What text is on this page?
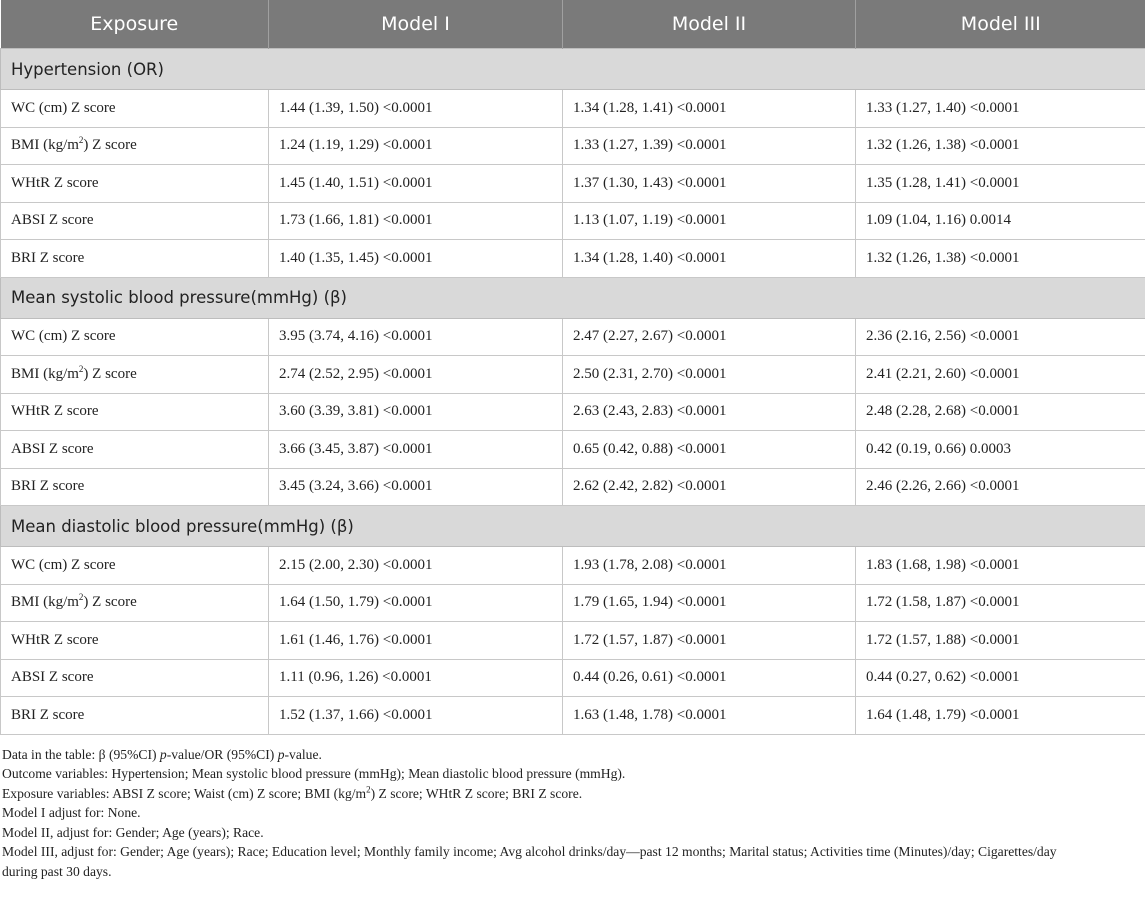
Exposure	Model I	Model II	Model III
Hypertension (OR)			
WC (cm) Z score	1.44 (1.39, 1.50) <0.0001	1.34 (1.28, 1.41) <0.0001	1.33 (1.27, 1.40) <0.0001
BMI $(kg/m^2)$ Z score	1.24 (1.19, 1.29) <0.0001	1.33 (1.27, 1.39) <0.0001	1.32 (1.26, 1.38) <0.0001
WHtR Z score	1.45 (1.40, 1.51) <0.0001	1.37 (1.30, 1.43) <0.0001	1.35 (1.28, 1.41) <0.0001
ABSI Z score	1.73 (1.66, 1.81) <0.0001	1.13 (1.07, 1.19) <0.0001	1.09 (1.04, 1.16) 0.0014
BRI Z score	1.40 (1.35, 1.45) <0.0001	1.34 (1.28, 1.40) <0.0001	1.32 (1.26, 1.38) <0.0001
Mean systolic blood pressure(mmHg) (β)			
WC (cm) Z score	3.95 (3.74, 4.16) <0.0001	2.47 (2.27, 2.67) <0.0001	2.36 (2.16, 2.56) <0.0001
BMI $(kg/m^2)$ Z score	2.74 (2.52, 2.95) <0.0001	2.50 (2.31, 2.70) <0.0001	2.41 (2.21, 2.60) <0.0001
WHtR Z score	3.60 (3.39, 3.81) <0.0001	2.63 (2.43, 2.83) <0.0001	2.48 (2.28, 2.68) <0.0001
ABSI Z score	3.66 (3.45, 3.87) <0.0001	0.65 (0.42, 0.88) <0.0001	0.42 (0.19, 0.66) 0.0003
BRI Z score	3.45 (3.24, 3.66) <0.0001	2.62 (2.42, 2.82) <0.0001	2.46 (2.26, 2.66) <0.0001
Mean diastolic blood pressure(mmHg) (β)			
WC (cm) Z score	2.15 (2.00, 2.30) <0.0001	1.93 (1.78, 2.08) <0.0001	1.83 (1.68, 1.98) <0.0001
BMI $(kg/m^2)$ Z score	1.64 (1.50, 1.79) <0.0001	1.79 (1.65, 1.94) <0.0001	1.72 (1.58, 1.87) <0.0001
WHtR Z score	1.61 (1.46, 1.76) <0.0001	1.72 (1.57, 1.87) <0.0001	1.72 (1.57, 1.88) <0.0001
ABSI Z score	1.11 (0.96, 1.26) <0.0001	0.44 (0.26, 0.61) <0.0001	0.44 (0.27, 0.62) <0.0001
BRI Z score	1.52 (1.37, 1.66) <0.0001	1.63 (1.48, 1.78) <0.0001	1.64 (1.48, 1.79) <0.0001

Data in the table: β (95%CI) p-value/OR (95%CI) p-value.

Outcome variables: Hypertension; Mean systolic blood pressure (mmHg); Mean diastolic blood pressure (mmHg).

Exposure variables: ABSI Z score; Waist (cm) Z score; BMI $(kg/m^2)$ Z score; WHtR Z score; BRI Z score.

Model I adjust for: None.

Model II, adjust for: Gender; Age (years); Race.

Model III, adjust for: Gender; Age (years); Race; Education level; Monthly family income; Avg alcohol drinks/day—past 12 months; Marital status; Activities time (Minutes)/day; Cigarettes/day
during past 30 days.
